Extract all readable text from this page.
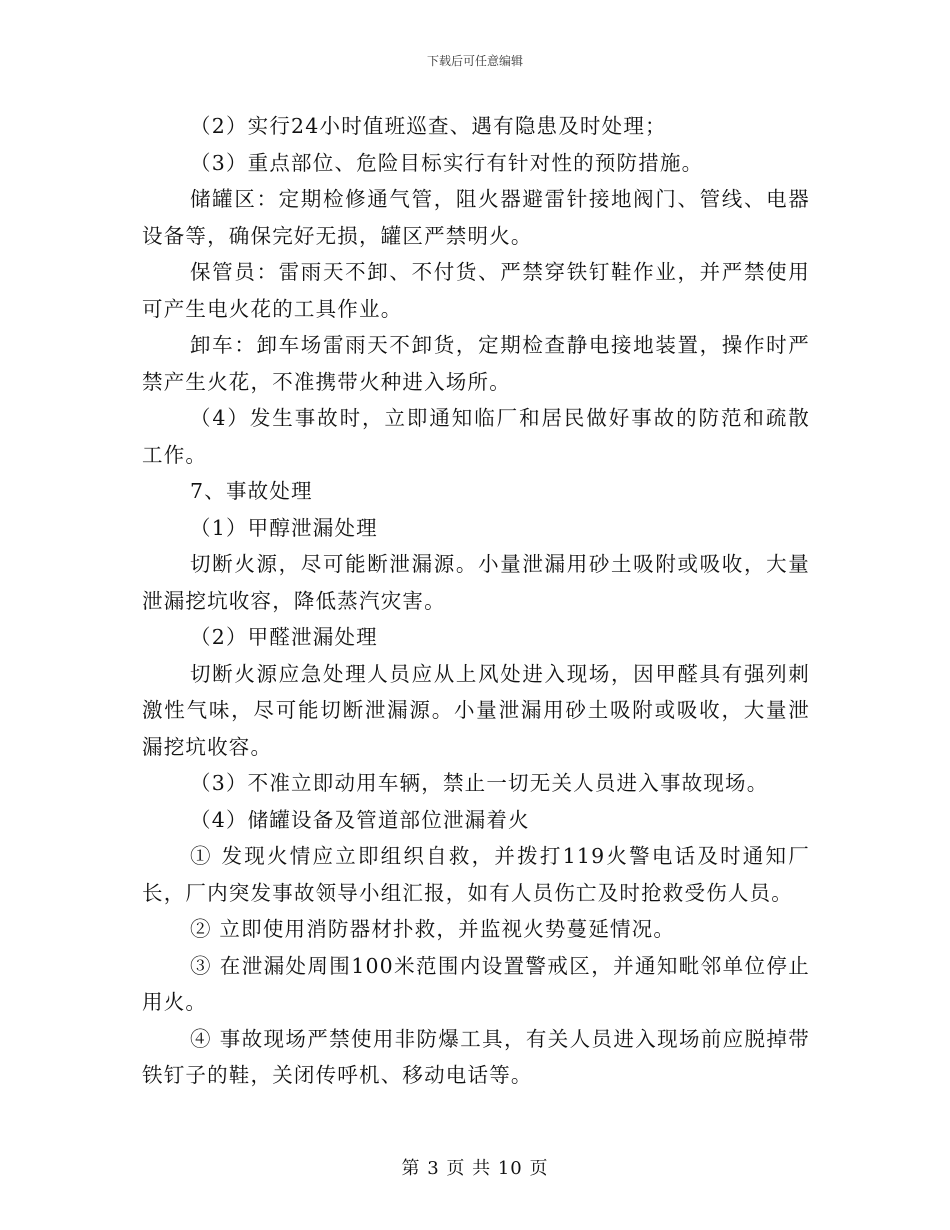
下载后可任意编辑

（2）实行24小时值班巡查、遇有隐患及时处理；

（3）重点部位、危险目标实行有针对性的预防措施。

储罐区：定期检修通气管，阻火器避雷针接地阀门、管线、电器设备等，确保完好无损，罐区严禁明火。

保管员：雷雨天不卸、不付货、严禁穿铁钉鞋作业，并严禁使用可产生电火花的工具作业。

卸车：卸车场雷雨天不卸货，定期检查静电接地装置，操作时严禁产生火花，不准携带火种进入场所。

（4）发生事故时，立即通知临厂和居民做好事故的防范和疏散工作。

7、事故处理

（1）甲醇泄漏处理

切断火源，尽可能断泄漏源。小量泄漏用砂土吸附或吸收，大量泄漏挖坑收容，降低蒸汽灾害。

（2）甲醛泄漏处理

切断火源应急处理人员应从上风处进入现场，因甲醛具有强列刺激性气味，尽可能切断泄漏源。小量泄漏用砂土吸附或吸收，大量泄漏挖坑收容。

（3）不准立即动用车辆，禁止一切无关人员进入事故现场。

（4）储罐设备及管道部位泄漏着火

① 发现火情应立即组织自救，并拨打119火警电话及时通知厂长，厂内突发事故领导小组汇报，如有人员伤亡及时抢救受伤人员。

② 立即使用消防器材扑救，并监视火势蔓延情况。

③ 在泄漏处周围100米范围内设置警戒区，并通知毗邻单位停止用火。

④ 事故现场严禁使用非防爆工具，有关人员进入现场前应脱掉带铁钉子的鞋，关闭传呼机、移动电话等。

第 3 页 共 10 页
